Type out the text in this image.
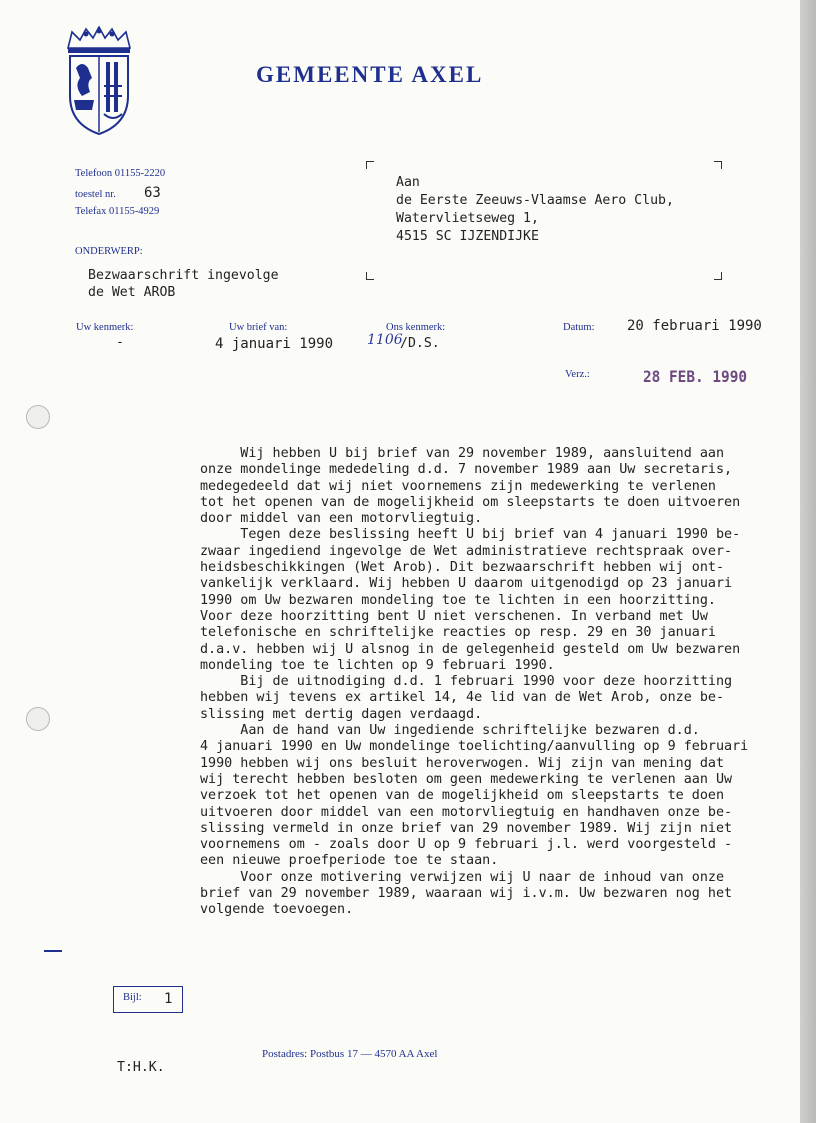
GEMEENTE AXEL
Telefoon 01155-2220
toestel nr. 63
Telefax 01155-4929
ONDERWERP:
Bezwaarschrift ingevolge
de Wet AROB
Aan
de Eerste Zeeuws-Vlaamse Aero Club,
Watervlietseweg 1,
4515 SC IJZENDIJKE
Uw kenmerk:
-
Uw brief van:
4 januari 1990
Ons kenmerk:
1106
/D.S.
Datum: 20 februari 1990
Verz.:	28 FEB. 1990
Wij hebben U bij brief van 29 november 1989, aansluitend aan
onze mondelinge mededeling d.d. 7 november 1989 aan Uw secretaris,
medegedeeld dat wij niet voornemens zijn medewerking te verlenen
tot het openen van de mogelijkheid om sleepstarts te doen uitvoeren
door middel van een motorvliegtuig.
Tegen deze beslissing heeft U bij brief van 4 januari 1990 be-
zwaar ingediend ingevolge de Wet administratieve rechtspraak over-
heidsbeschikkingen (Wet Arob). Dit bezwaarschrift hebben wij ont-
vankelijk verklaard. Wij hebben U daarom uitgenodigd op 23 januari
1990 om Uw bezwaren mondeling toe te lichten in een hoorzitting.
Voor deze hoorzitting bent U niet verschenen. In verband met Uw
telefonische en schriftelijke reacties op resp. 29 en 30 januari
d.a.v. hebben wij U alsnog in de gelegenheid gesteld om Uw bezwaren
mondeling toe te lichten op 9 februari 1990.
Bij de uitnodiging d.d. 1 februari 1990 voor deze hoorzitting
hebben wij tevens ex artikel 14, 4e lid van de Wet Arob, onze be-
slissing met dertig dagen verdaagd.
Aan de hand van Uw ingediende schriftelijke bezwaren d.d.
4 januari 1990 en Uw mondelinge toelichting/aanvulling op 9 februari
1990 hebben wij ons besluit heroverwogen. Wij zijn van mening dat
wij terecht hebben besloten om geen medewerking te verlenen aan Uw
verzoek tot het openen van de mogelijkheid om sleepstarts te doen
uitvoeren door middel van een motorvliegtuig en handhaven onze be-
slissing vermeld in onze brief van 29 november 1989. Wij zijn niet
voornemens om - zoals door U op 9 februari j.l. werd voorgesteld -
een nieuwe proefperiode toe te staan.
Voor onze motivering verwijzen wij U naar de inhoud van onze
brief van 29 november 1989, waaraan wij i.v.m. Uw bezwaren nog het
volgende toevoegen.
Bijl: 1
Postadres: Postbus 17 — 4570 AA Axel
T:H.K.
